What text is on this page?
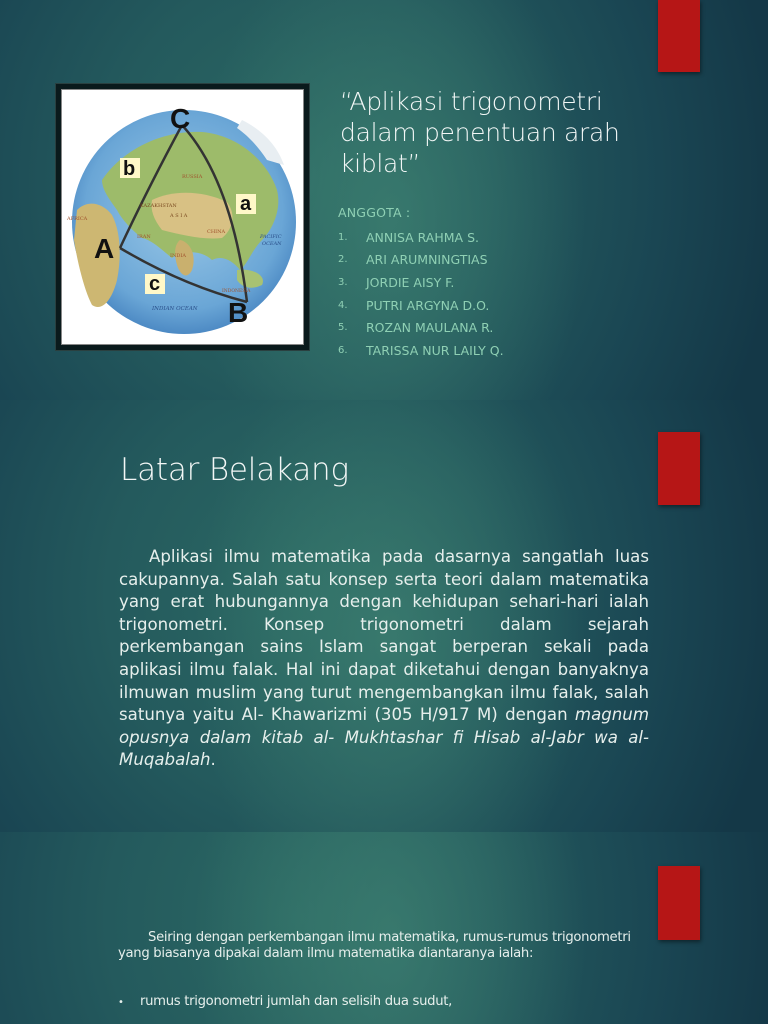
C
A
B
b
a
c
RUSSIA
KAZAKHSTAN
A S I A
CHINA
IRAN
INDIA
AFRICA
PACIFIC
OCEAN
INDIAN OCEAN
INDONESIA
“Aplikasi trigonometri dalam penentuan arah kiblat”
ANGGOTA :
1.	ANNISA RAHMA S.
2.	ARI ARUMNINGTIAS
3.	JORDIE AISY F.
4.	PUTRI ARGYNA D.O.
5.	ROZAN MAULANA R.
6.	TARISSA NUR LAILY Q.
Latar Belakang

Aplikasi ilmu matematika pada dasarnya sangatlah luas cakupannya. Salah satu konsep serta teori dalam matematika yang erat hubungannya dengan kehidupan sehari-hari ialah trigonometri. Konsep trigonometri dalam sejarah perkembangan sains Islam sangat berperan sekali pada aplikasi ilmu falak. Hal ini dapat diketahui dengan banyaknya ilmuwan muslim yang turut mengembangkan ilmu falak, salah satunya yaitu Al- Khawarizmi (305 H/917 M) dengan magnum opusnya dalam kitab al- Mukhtashar fi Hisab al-Jabr wa al-Muqabalah.

Seiring dengan perkembangan ilmu matematika, rumus-rumus trigonometri yang biasanya dipakai dalam ilmu matematika diantaranya ialah:

•	rumus trigonometri jumlah dan selisih dua sudut,
